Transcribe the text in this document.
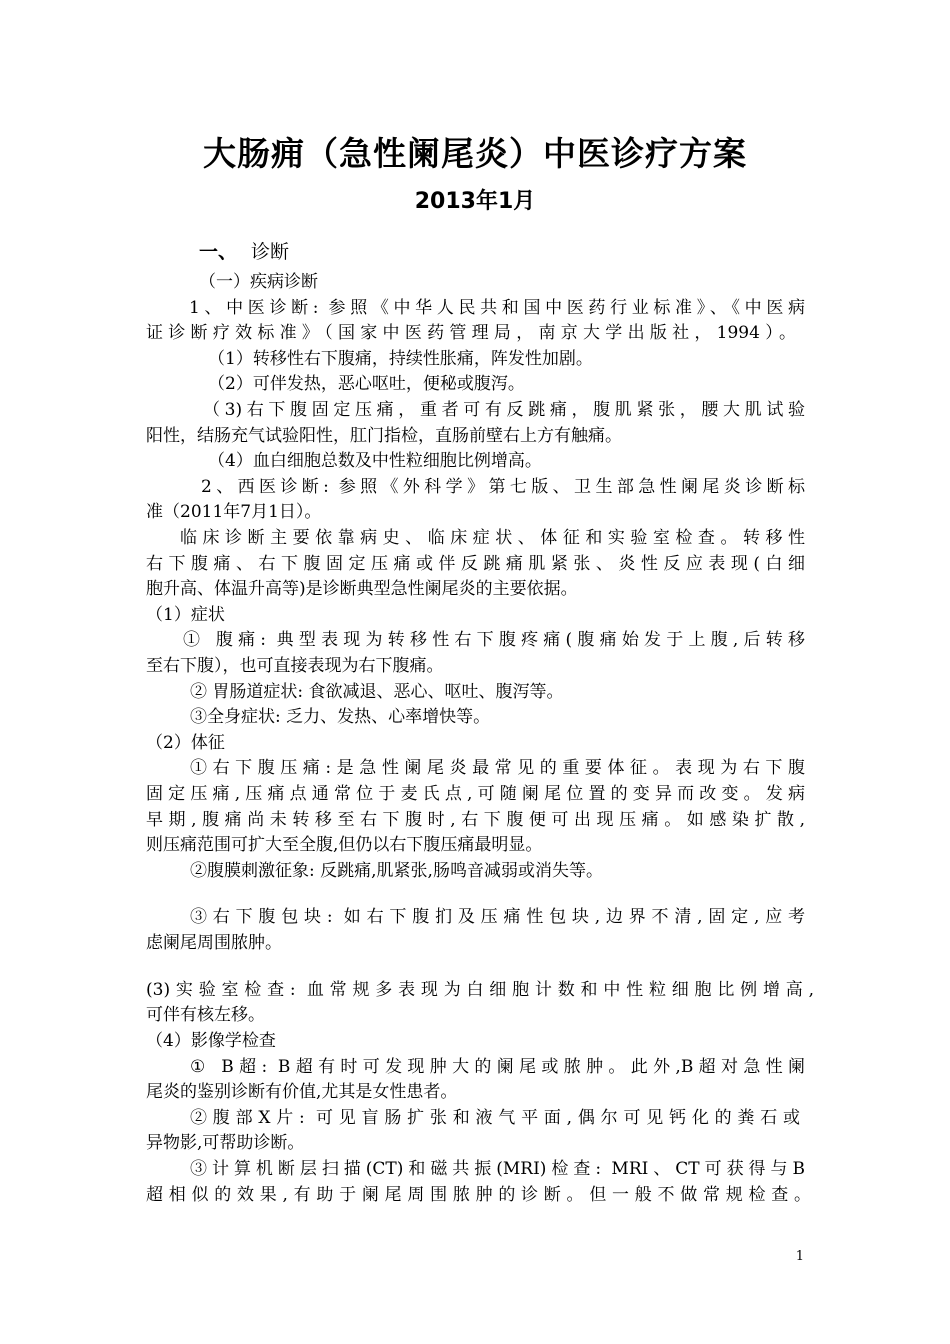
大肠痈（急性阑尾炎）中医诊疗方案
2013年1月
一、 诊断
（一）疾病诊断
1、中医诊断: 参照《中华人民共和国中医药行业标准》、《中医病
证诊断疗效标准》（国家中医药管理局，南京大学出版社，1994）。
（1）转移性右下腹痛，持续性胀痛，阵发性加剧。
（2）可伴发热，恶心呕吐，便秘或腹泻。
（3)右下腹固定压痛，重者可有反跳痛，腹肌紧张，腰大肌试验
阳性，结肠充气试验阳性，肛门指检，直肠前壁右上方有触痛。
（4）血白细胞总数及中性粒细胞比例增高。
2、西医诊断: 参照《外科学》第七版、卫生部急性阑尾炎诊断标
准（2011年7月1日）。
临床诊断主要依靠病史、临床症状、体征和实验室检查。转移性
右下腹痛、右下腹固定压痛或伴反跳痛肌紧张、炎性反应表现(白细
胞升高、体温升高等)是诊断典型急性阑尾炎的主要依据。
（1）症状
① 腹痛: 典型表现为转移性右下腹疼痛(腹痛始发于上腹,后转移
至右下腹），也可直接表现为右下腹痛。
② 胃肠道症状: 食欲减退、恶心、呕吐、腹泻等。
③全身症状: 乏力、发热、心率增快等。
（2）体征
①右下腹压痛:是急性阑尾炎最常见的重要体征。表现为右下腹
固定压痛,压痛点通常位于麦氏点,可随阑尾位置的变异而改变。发病
早期,腹痛尚未转移至右下腹时,右下腹便可出现压痛。如感染扩散,
则压痛范围可扩大至全腹,但仍以右下腹压痛最明显。
②腹膜刺激征象: 反跳痛,肌紧张,肠鸣音减弱或消失等。
③右下腹包块: 如右下腹扪及压痛性包块,边界不清,固定,应考
虑阑尾周围脓肿。
(3)实验室检查: 血常规多表现为白细胞计数和中性粒细胞比例增高,
可伴有核左移。
（4）影像学检查
① B超: B超有时可发现肿大的阑尾或脓肿。此外,B超对急性阑
尾炎的鉴别诊断有价值,尤其是女性患者。
②腹部X片: 可见盲肠扩张和液气平面,偶尔可见钙化的粪石或
异物影,可帮助诊断。
③计算机断层扫描(CT)和磁共振(MRI)检查: MRI、CT可获得与B
超相似的效果,有助于阑尾周围脓肿的诊断。但一般不做常规检查。
1
